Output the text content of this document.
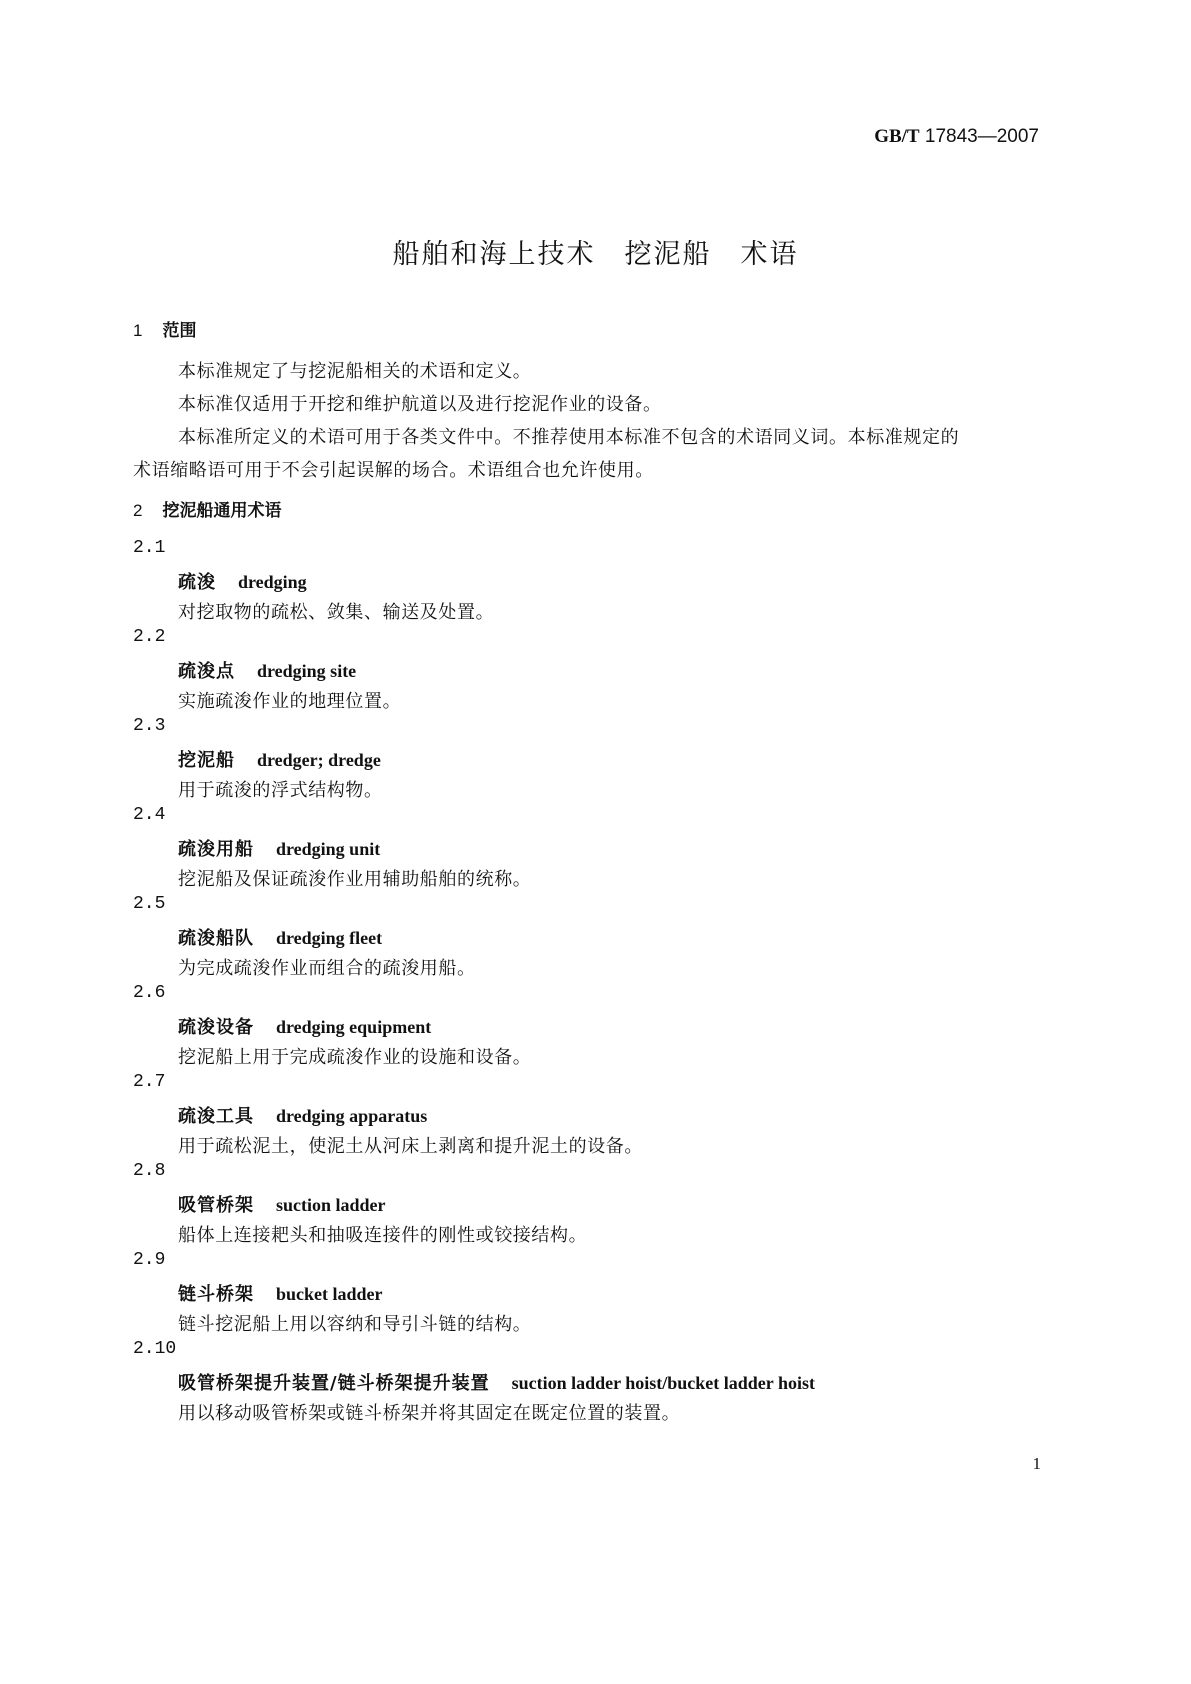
GB/T 17843—2007
船舶和海上技术　挖泥船　术语
1 范围
本标准规定了与挖泥船相关的术语和定义。
本标准仅适用于开挖和维护航道以及进行挖泥作业的设备。
本标准所定义的术语可用于各类文件中。不推荐使用本标准不包含的术语同义词。本标准规定的
术语缩略语可用于不会引起误解的场合。术语组合也允许使用。
2 挖泥船通用术语
2.1
疏浚 dredging
对挖取物的疏松、敛集、输送及处置。
2.2
疏浚点 dredging site
实施疏浚作业的地理位置。
2.3
挖泥船 dredger; dredge
用于疏浚的浮式结构物。
2.4
疏浚用船 dredging unit
挖泥船及保证疏浚作业用辅助船舶的统称。
2.5
疏浚船队 dredging fleet
为完成疏浚作业而组合的疏浚用船。
2.6
疏浚设备 dredging equipment
挖泥船上用于完成疏浚作业的设施和设备。
2.7
疏浚工具 dredging apparatus
用于疏松泥土，使泥土从河床上剥离和提升泥土的设备。
2.8
吸管桥架 suction ladder
船体上连接耙头和抽吸连接件的刚性或铰接结构。
2.9
链斗桥架 bucket ladder
链斗挖泥船上用以容纳和导引斗链的结构。
2.10
吸管桥架提升装置/链斗桥架提升装置 suction ladder hoist/bucket ladder hoist
用以移动吸管桥架或链斗桥架并将其固定在既定位置的装置。
1
